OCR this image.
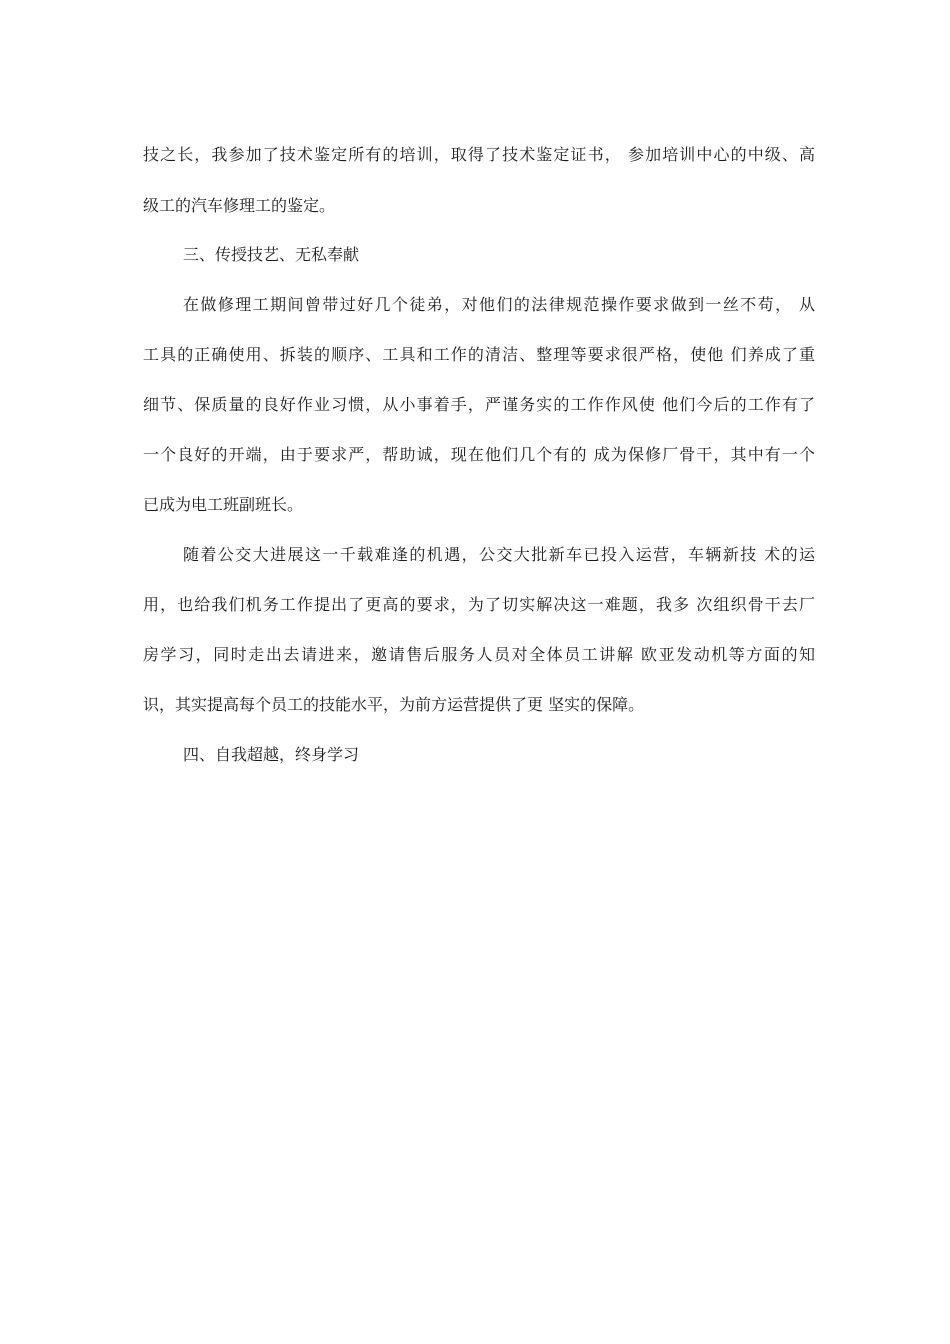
技之长，我参加了技术鉴定所有的培训，取得了技术鉴定证书， 参加培训中心的中级、高
级工的汽车修理工的鉴定。
三、传授技艺、无私奉献
在做修理工期间曾带过好几个徒弟，对他们的法律规范操作要求做到一丝不苟， 从
工具的正确使用、拆装的顺序、工具和工作的清洁、整理等要求很严格，使他 们养成了重
细节、保质量的良好作业习惯，从小事着手，严谨务实的工作作风使 他们今后的工作有了
一个良好的开端，由于要求严，帮助诚，现在他们几个有的 成为保修厂骨干，其中有一个
已成为电工班副班长。
随着公交大进展这一千载难逢的机遇，公交大批新车已投入运营，车辆新技 术的运
用，也给我们机务工作提出了更高的要求，为了切实解决这一难题，我多 次组织骨干去厂
房学习，同时走出去请进来，邀请售后服务人员对全体员工讲解 欧亚发动机等方面的知
识，其实提高每个员工的技能水平，为前方运营提供了更 坚实的保障。
四、自我超越，终身学习
